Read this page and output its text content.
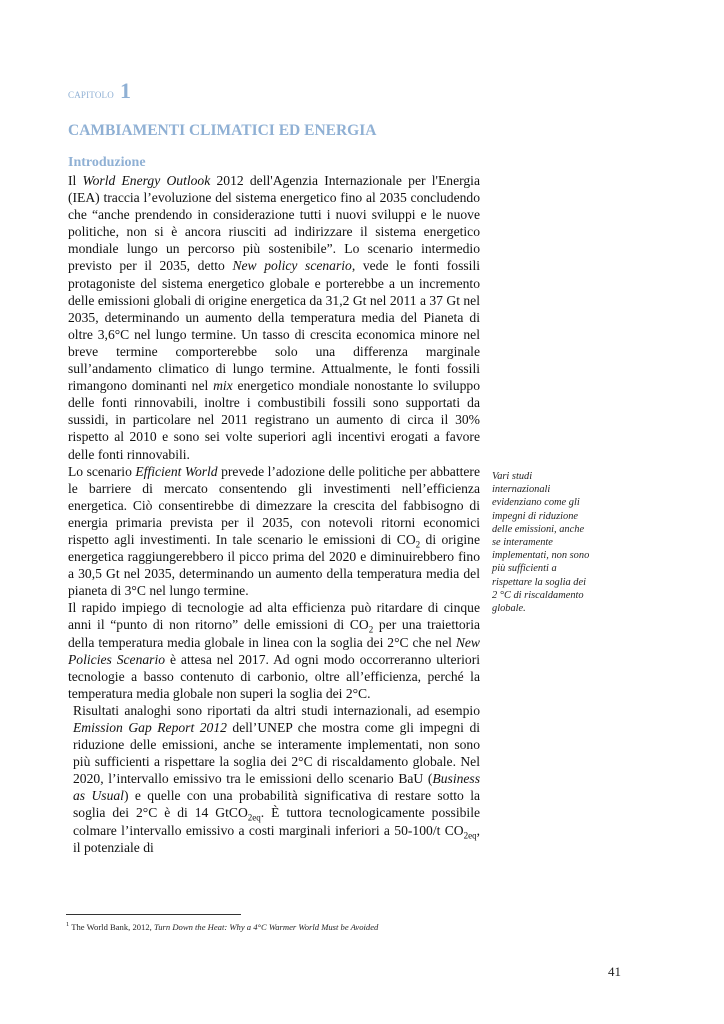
capitolo 1
CAMBIAMENTI CLIMATICI ED ENERGIA
Introduzione

Il World Energy Outlook 2012 dell'Agenzia Internazionale per l'Energia (IEA) traccia l’evoluzione del sistema energetico fino al 2035 concludendo che “anche prendendo in considerazione tutti i nuovi sviluppi e le nuove politiche, non si è ancora riusciti ad indirizzare il sistema energetico mondiale lungo un percorso più sostenibile”. Lo scenario intermedio previsto per il 2035, detto New policy scenario, vede le fonti fossili protagoniste del sistema energetico globale e porterebbe a un incremento delle emissioni globali di origine energetica da 31,2 Gt nel 2011 a 37 Gt nel 2035, determinando un aumento della temperatura media del Pianeta di oltre 3,6°C nel lungo termine. Un tasso di crescita economica minore nel breve termine comporterebbe solo una differenza marginale sull’andamento climatico di lungo termine. Attualmente, le fonti fossili rimangono dominanti nel mix energetico mondiale nonostante lo sviluppo delle fonti rinnovabili, inoltre i combustibili fossili sono supportati da sussidi, in particolare nel 2011 registrano un aumento di circa il 30% rispetto al 2010 e sono sei volte superiori agli incentivi erogati a favore delle fonti rinnovabili.

Lo scenario Efficient World prevede l’adozione delle politiche per abbattere le barriere di mercato consentendo gli investimenti nell’efficienza energetica. Ciò consentirebbe di dimezzare la crescita del fabbisogno di energia primaria prevista per il 2035, con notevoli ritorni economici rispetto agli investimenti. In tale scenario le emissioni di $CO_2$ di origine energetica raggiungerebbero il picco prima del 2020 e diminuirebbero fino a 30,5 Gt nel 2035, determinando un aumento della temperatura media del pianeta di 3°C nel lungo termine.

Il rapido impiego di tecnologie ad alta efficienza può ritardare di cinque anni il “punto di non ritorno” delle emissioni di $CO_2$ per una traiettoria della temperatura media globale in linea con la soglia dei 2°C che nel New Policies Scenario è attesa nel 2017. Ad ogni modo occorreranno ulteriori tecnologie a basso contenuto di carbonio, oltre all’efficienza, perché la temperatura media globale non superi la soglia dei 2°C.

Risultati analoghi sono riportati da altri studi internazionali, ad esempio Emission Gap Report 2012 dell’UNEP che mostra come gli impegni di riduzione delle emissioni, anche se interamente implementati, non sono più sufficienti a rispettare la soglia dei 2°C di riscaldamento globale. Nel 2020, l’intervallo emissivo tra le emissioni dello scenario BaU (Business as Usual) e quelle con una probabilità significativa di restare sotto la soglia dei 2°C è di 14 GtCO$_{2eq}$. È tuttora tecnologicamente possibile colmare l’intervallo emissivo a costi marginali inferiori a 50-100/t $CO_{2eq}$, il potenziale di

Vari studi internazionali evidenziano come gli impegni di riduzione delle emissioni, anche se interamente implementati, non sono più sufficienti a rispettare la soglia dei 2 °C di riscaldamento globale.
$^1$ The World Bank, 2012, Turn Down the Heat: Why a 4°C Warmer World Must be Avoided
41
